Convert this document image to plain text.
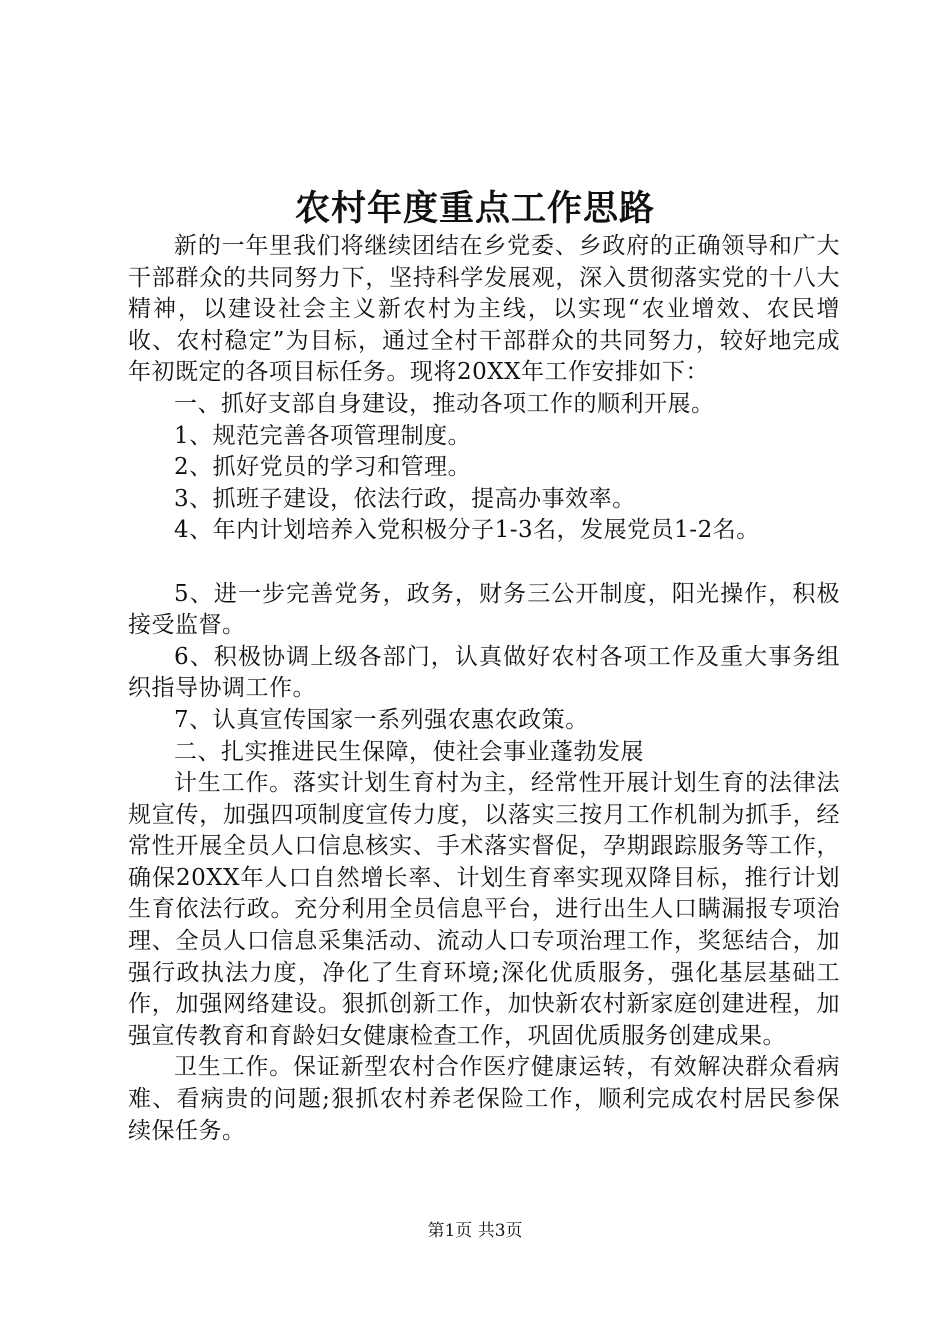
农村年度重点工作思路

新的一年里我们将继续团结在乡党委、乡政府的正确领导和广大干部群众的共同努力下，坚持科学发展观，深入贯彻落实党的十八大精神，以建设社会主义新农村为主线，以实现“农业增效、农民增收、农村稳定”为目标，通过全村干部群众的共同努力，较好地完成年初既定的各项目标任务。现将20XX年工作安排如下：

一、抓好支部自身建设，推动各项工作的顺利开展。

1、规范完善各项管理制度。

2、抓好党员的学习和管理。

3、抓班子建设，依法行政，提高办事效率。

4、年内计划培养入党积极分子1-3名，发展党员1-2名。

5、进一步完善党务，政务，财务三公开制度，阳光操作，积极接受监督。

6、积极协调上级各部门，认真做好农村各项工作及重大事务组织指导协调工作。

7、认真宣传国家一系列强农惠农政策。

二、扎实推进民生保障，使社会事业蓬勃发展

计生工作。落实计划生育村为主，经常性开展计划生育的法律法规宣传，加强四项制度宣传力度，以落实三按月工作机制为抓手，经常性开展全员人口信息核实、手术落实督促，孕期跟踪服务等工作，确保20XX年人口自然增长率、计划生育率实现双降目标，推行计划生育依法行政。充分利用全员信息平台，进行出生人口瞒漏报专项治理、全员人口信息采集活动、流动人口专项治理工作，奖惩结合，加强行政执法力度，净化了生育环境;深化优质服务，强化基层基础工作，加强网络建设。狠抓创新工作，加快新农村新家庭创建进程，加强宣传教育和育龄妇女健康检查工作，巩固优质服务创建成果。

卫生工作。保证新型农村合作医疗健康运转，有效解决群众看病难、看病贵的问题;狠抓农村养老保险工作，顺利完成农村居民参保续保任务。

第1页 共3页
